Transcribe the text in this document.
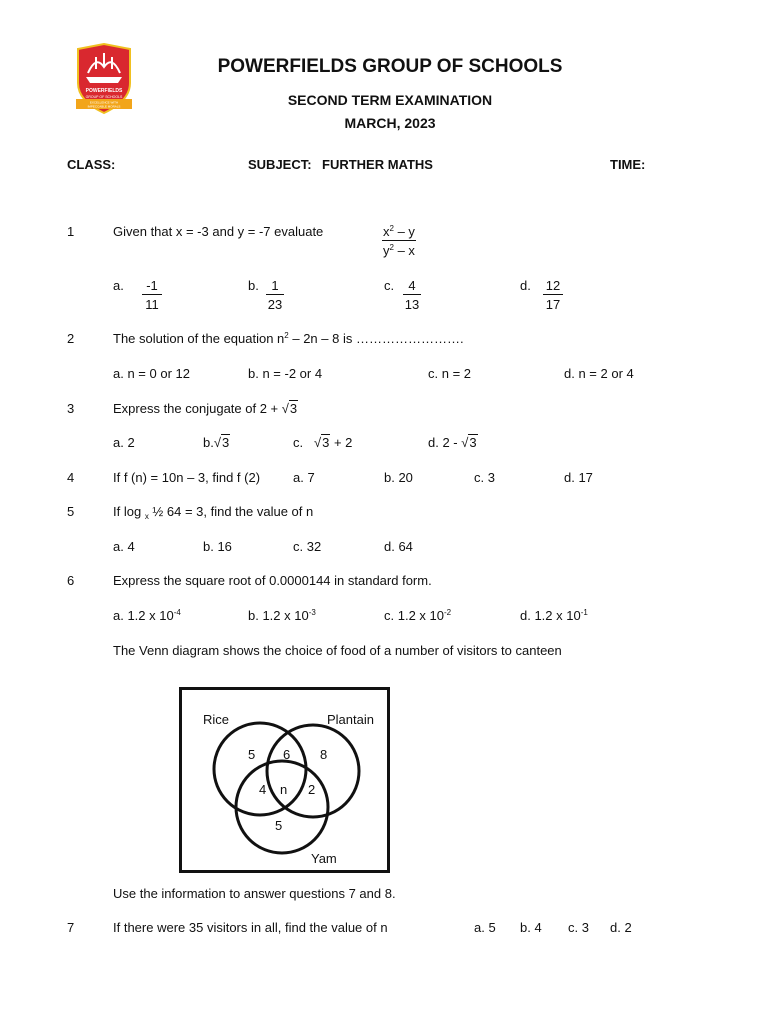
POWERFIELDS
GROUP OF SCHOOLS
EXCELLENCE WITH
IMPECCABLE MORALS
POWERFIELDS GROUP OF SCHOOLS
SECOND TERM EXAMINATION
MARCH, 2023
CLASS:	SUBJECT: FURTHER MATHS	TIME:
1	Given that x = -3 and y = -7 evaluate	$\frac{x^2 - y}{y^2 - x}$
a. $\frac{-1}{11}$	b. $\frac{1}{23}$	c. $\frac{4}{13}$	d. $\frac{12}{17}$
2	The solution of the equation $n^2 - 2n - 8$ is …………………….
a. n = 0 or 12	b. n = -2 or 4	c. n = 2	d. n = 2 or 4
3	Express the conjugate of 2 + √3
a. 2	b.√3	c. √3 + 2	d. 2 - √3
4	If f (n) = 10n – 3, find f (2)	a. 7	b. 20	c. 3	d. 17
5	If log $_x$ ½ 64 = 3, find the value of n
a. 4	b. 16	c. 32	d. 64
6	Express the square root of 0.0000144 in standard form.
a. 1.2 x $10^{-4}$	b. 1.2 x $10^{-3}$	c. 1.2 x $10^{-2}$	d. 1.2 x $10^{-1}$
The Venn diagram shows the choice of food of a number of visitors to canteen
Rice	Plantain
Yam
5 6 8
4 n 2
5
Use the information to answer questions 7 and 8.
7	If there were 35 visitors in all, find the value of n	a. 5 b. 4 c. 3 d. 2
